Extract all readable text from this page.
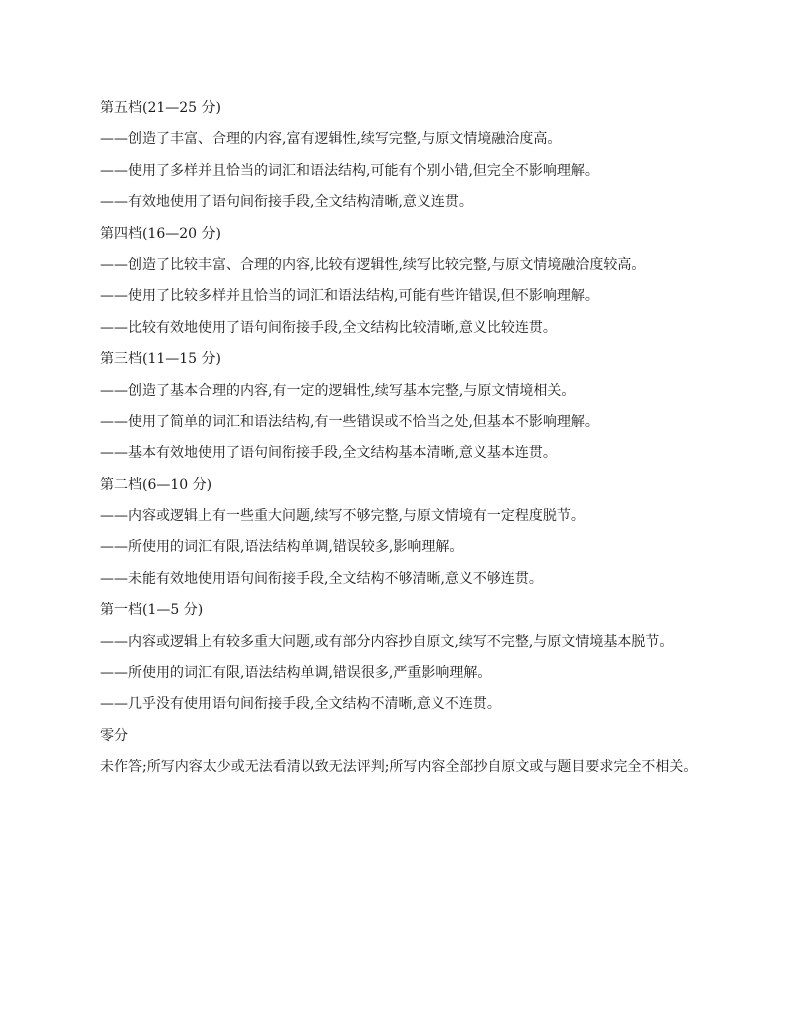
第五档(21—25 分)

——创造了丰富、合理的内容,富有逻辑性,续写完整,与原文情境融洽度高。

——使用了多样并且恰当的词汇和语法结构,可能有个别小错,但完全不影响理解。

——有效地使用了语句间衔接手段,全文结构清晰,意义连贯。

第四档(16—20 分)

——创造了比较丰富、合理的内容,比较有逻辑性,续写比较完整,与原文情境融洽度较高。

——使用了比较多样并且恰当的词汇和语法结构,可能有些许错误,但不影响理解。

——比较有效地使用了语句间衔接手段,全文结构比较清晰,意义比较连贯。

第三档(11—15 分)

——创造了基本合理的内容,有一定的逻辑性,续写基本完整,与原文情境相关。

——使用了简单的词汇和语法结构,有一些错误或不恰当之处,但基本不影响理解。

——基本有效地使用了语句间衔接手段,全文结构基本清晰,意义基本连贯。

第二档(6—10 分)

——内容或逻辑上有一些重大问题,续写不够完整,与原文情境有一定程度脱节。

——所使用的词汇有限,语法结构单调,错误较多,影响理解。

——未能有效地使用语句间衔接手段,全文结构不够清晰,意义不够连贯。

第一档(1—5 分)

——内容或逻辑上有较多重大问题,或有部分内容抄自原文,续写不完整,与原文情境基本脱节。

——所使用的词汇有限,语法结构单调,错误很多,严重影响理解。

——几乎没有使用语句间衔接手段,全文结构不清晰,意义不连贯。

零分

未作答;所写内容太少或无法看清以致无法评判;所写内容全部抄自原文或与题目要求完全不相关。
